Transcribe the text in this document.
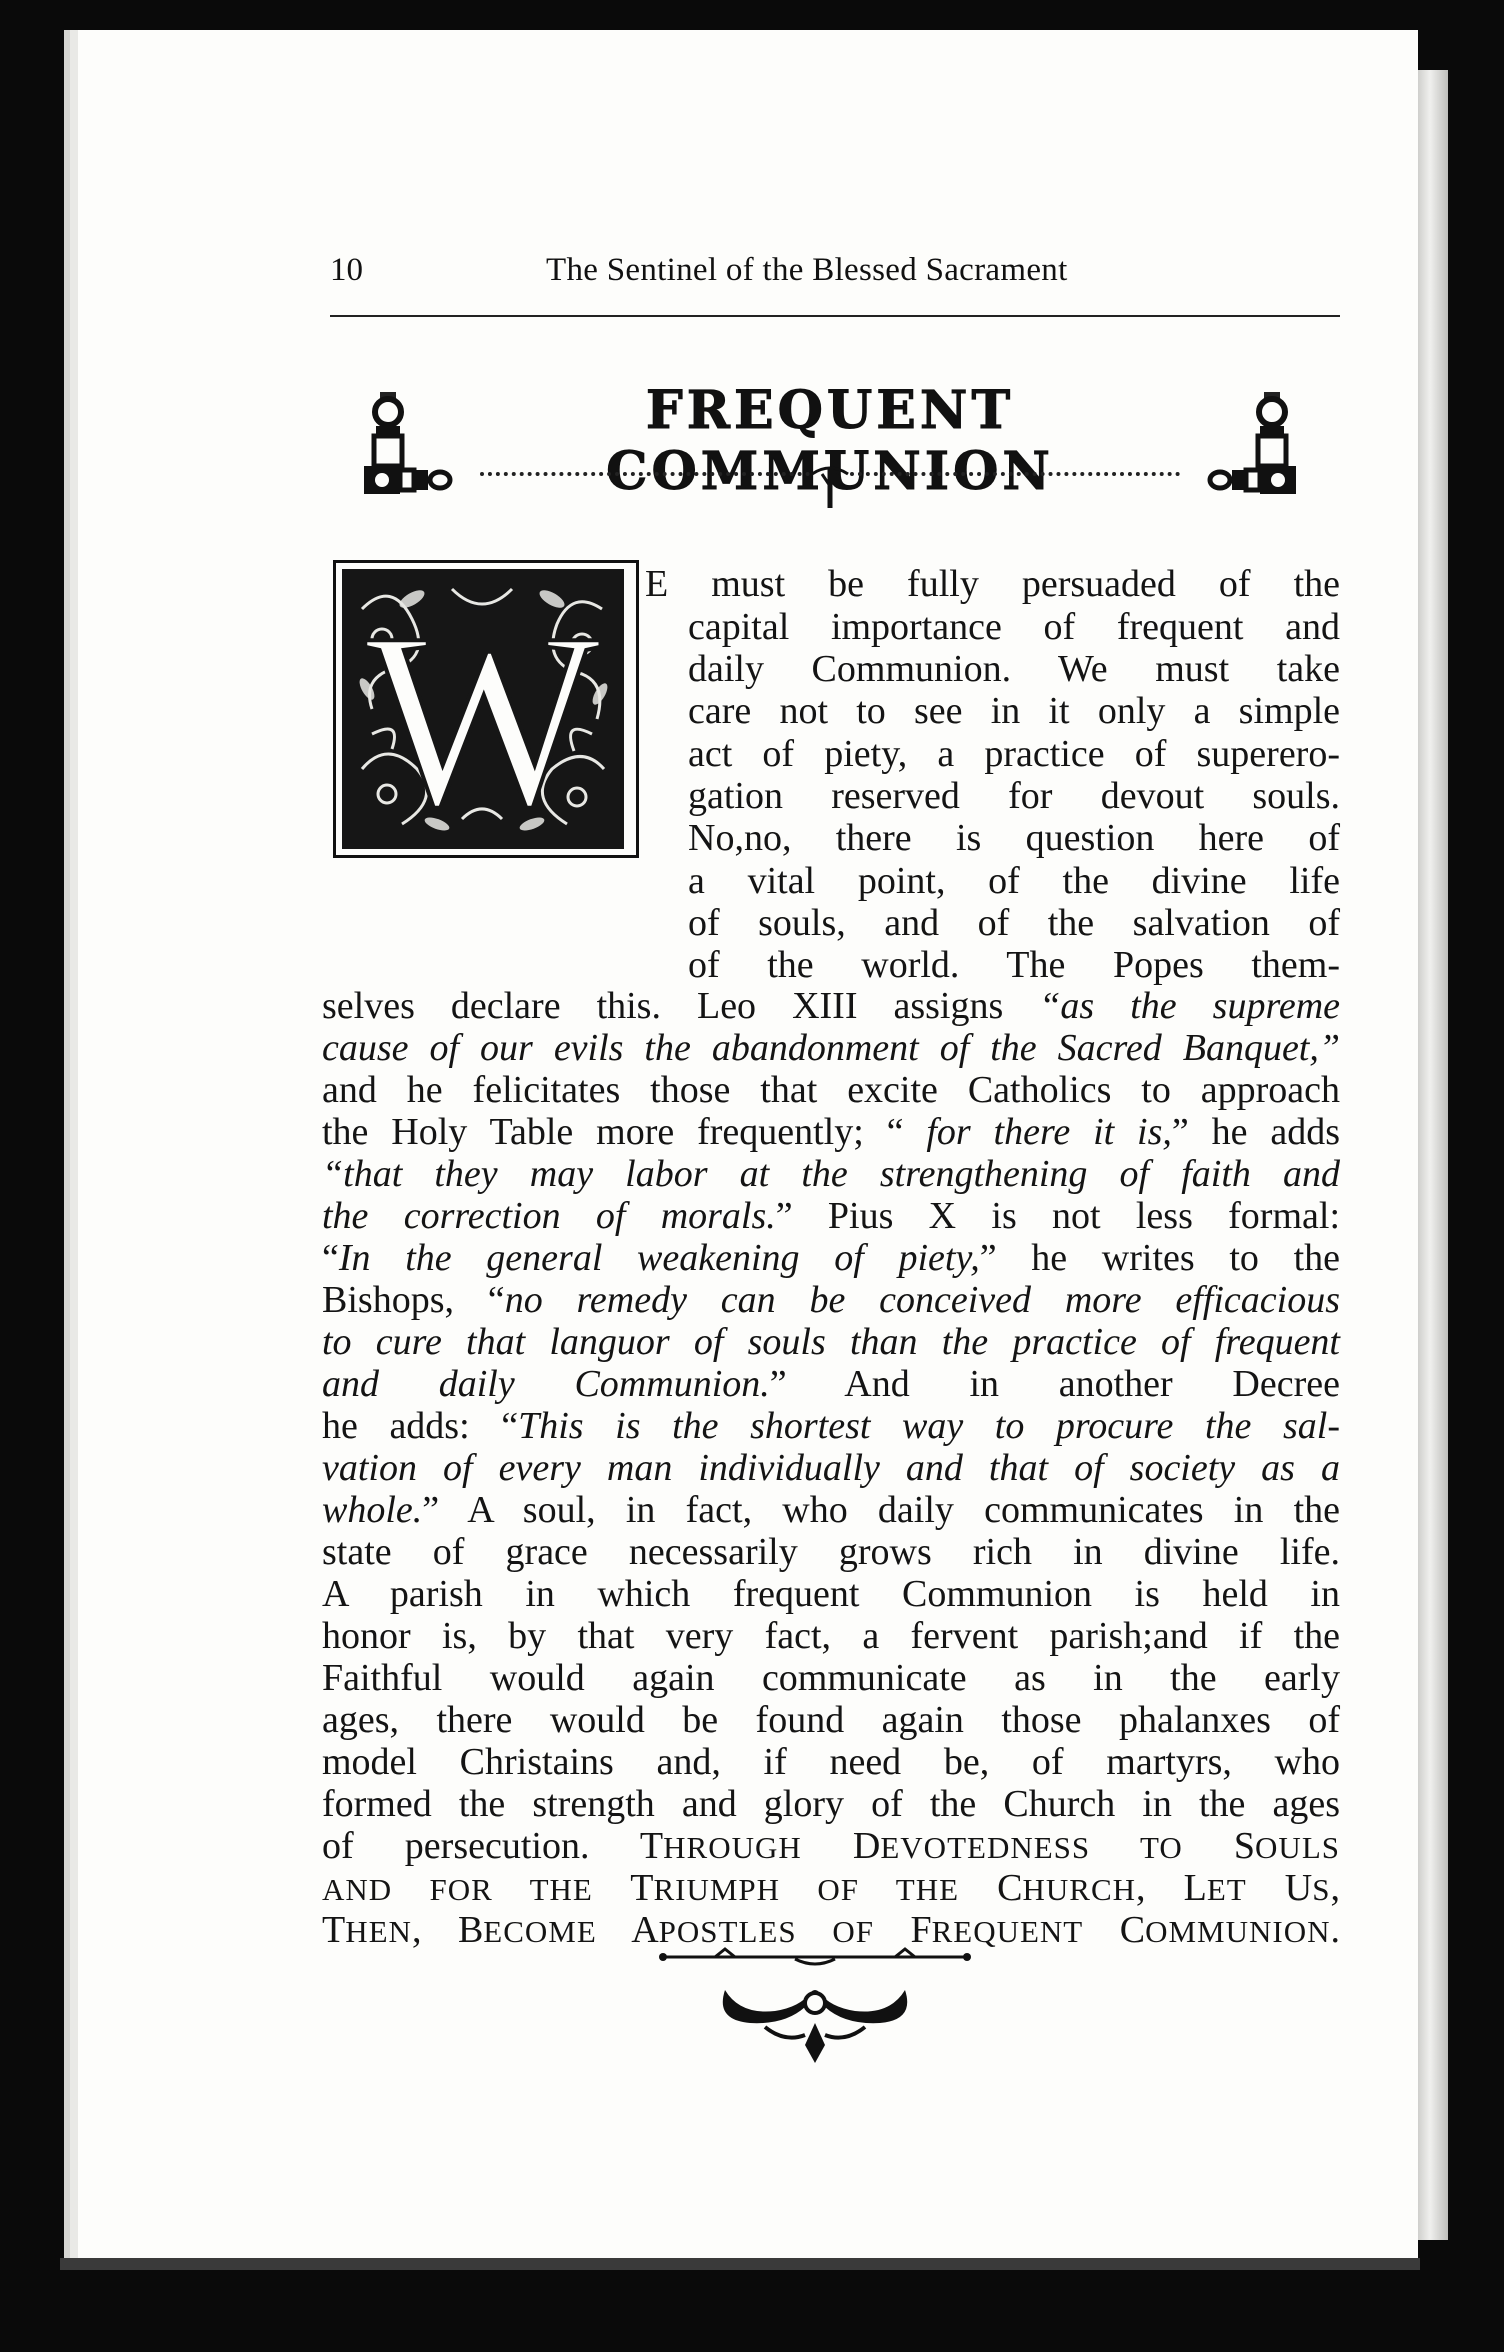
10	The Sentinel of the Blessed Sacrament
FREQUENT COMMUNION
W E must be fully persuaded of the
capital importance of frequent and
daily Communion. We must take
care not to see in it only a simple
act of piety, a practice of superero-
gation reserved for devout souls.
No,no, there is question here of
a vital point, of the divine life
of souls, and of the salvation of
of the world. The Popes them-
selves declare this. Leo XIII assigns “as the supreme
cause of our evils the abandonment of the Sacred Banquet,”
and he felicitates those that excite Catholics to approach
the Holy Table more frequently; “ for there it is,” he adds
“that they may labor at the strengthening of faith and
the correction of morals.” Pius X is not less formal:
“In the general weakening of piety,” he writes to the
Bishops, “no remedy can be conceived more efficacious
to cure that languor of souls than the practice of frequent
and daily Communion.” And in another Decree
he adds: “This is the shortest way to procure the sal-
vation of every man individually and that of society as a
whole.” A soul, in fact, who daily communicates in the
state of grace necessarily grows rich in divine life.
A parish in which frequent Communion is held in
honor is, by that very fact, a fervent parish;and if the
Faithful would again communicate as in the early
ages, there would be found again those phalanxes of
model Christains and, if need be, of martyrs, who
formed the strength and glory of the Church in the ages
of persecution. THROUGH DEVOTEDNESS TO SOULS
AND FOR THE TRIUMPH OF THE CHURCH, LET US,
THEN, BECOME APOSTLES OF FREQUENT COMMUNION.
